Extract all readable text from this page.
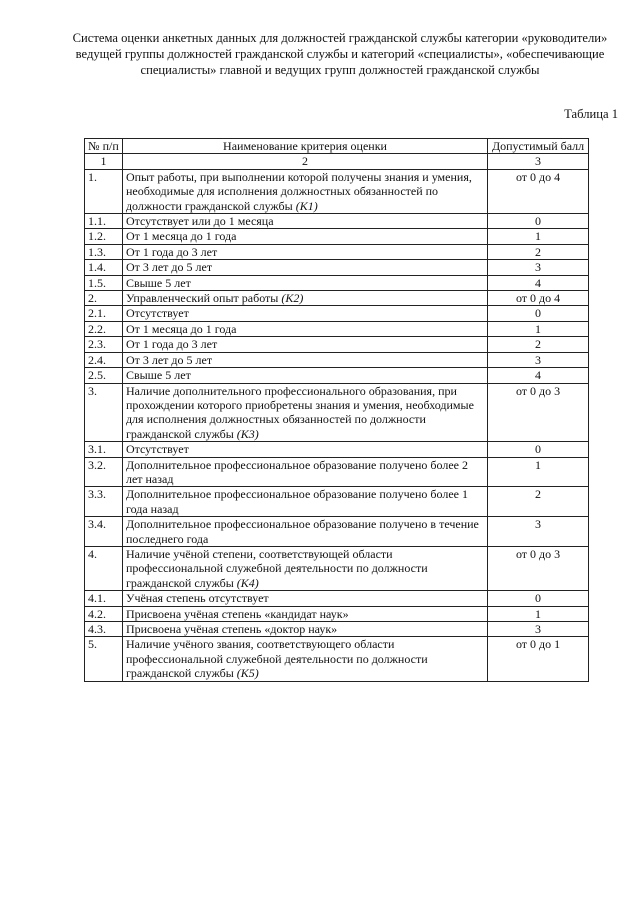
Система оценки анкетных данных для должностей гражданской службы категории «руководители» ведущей группы должностей гражданской службы и категорий «специалисты», «обеспечивающие специалисты» главной и ведущих групп должностей гражданской службы
Таблица 1
№ п/п	Наименование критерия оценки	Допустимый балл
1	2	3
1.	Опыт работы, при выполнении которой получены знания и умения, необходимые для исполнения должностных обязанностей по должности гражданской службы (K1)	от 0 до 4
1.1.	Отсутствует или до 1 месяца	0
1.2.	От 1 месяца до 1 года	1
1.3.	От 1 года до 3 лет	2
1.4.	От 3 лет до 5 лет	3
1.5.	Свыше 5 лет	4
2.	Управленческий опыт работы (K2)	от 0 до 4
2.1.	Отсутствует	0
2.2.	От 1 месяца до 1 года	1
2.3.	От 1 года до 3 лет	2
2.4.	От 3 лет до 5 лет	3
2.5.	Свыше 5 лет	4
3.	Наличие дополнительного профессионального образования, при прохождении которого приобретены знания и умения, необходимые для исполнения должностных обязанностей по должности гражданской службы (K3)	от 0 до 3
3.1.	Отсутствует	0
3.2.	Дополнительное профессиональное образование получено более 2 лет назад	1
3.3.	Дополнительное профессиональное образование получено более 1 года назад	2
3.4.	Дополнительное профессиональное образование получено в течение последнего года	3
4.	Наличие учёной степени, соответствующей области профессиональной служебной деятельности по должности гражданской службы (K4)	от 0 до 3
4.1.	Учёная степень отсутствует	0
4.2.	Присвоена учёная степень «кандидат наук»	1
4.3.	Присвоена учёная степень «доктор наук»	3
5.	Наличие учёного звания, соответствующего области профессиональной служебной деятельности по должности гражданской службы (K5)	от 0 до 1
